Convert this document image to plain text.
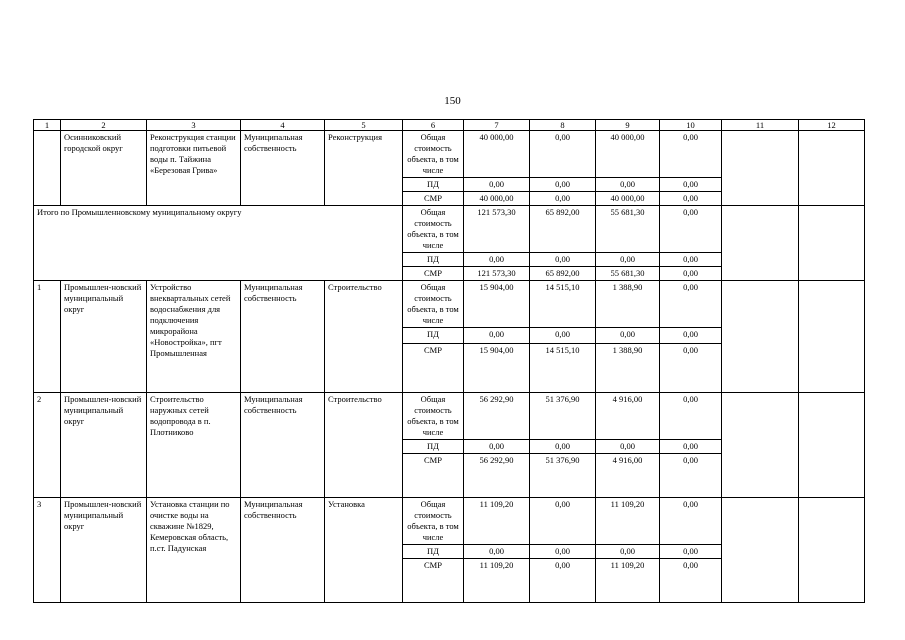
150
1	2	3	4	5	6	7	8	9	10	11	12
	Осинниковский городской округ	Реконструкция станции подготовки питьевой воды п. Тайжина «Березовая Грива»	Муниципальная собственность	Реконструкция	Общая стоимость объекта, в том числе	40 000,00	0,00	40 000,00	0,00		
					ПД	0,00	0,00	0,00	0,00		
					СМР	40 000,00	0,00	40 000,00	0,00		
Итого по Промышленновскому муниципальному округу					Общая стоимость объекта, в том числе	121 573,30	65 892,00	55 681,30	0,00		
					ПД	0,00	0,00	0,00	0,00		
					СМР	121 573,30	65 892,00	55 681,30	0,00		
1	Промышлен-новский муниципальный округ	Устройство внеквартальных сетей водоснабжения для подключения микрорайона «Новостройка», пгт Промышленная	Муниципальная собственность	Строительство	Общая стоимость объекта, в том числе	15 904,00	14 515,10	1 388,90	0,00		
					ПД	0,00	0,00	0,00	0,00		
					СМР	15 904,00	14 515,10	1 388,90	0,00		
2	Промышлен-новский муниципальный округ	Строительство наружных сетей водопровода в п. Плотниково	Муниципальная собственность	Строительство	Общая стоимость объекта, в том числе	56 292,90	51 376,90	4 916,00	0,00		
					ПД	0,00	0,00	0,00	0,00		
					СМР	56 292,90	51 376,90	4 916,00	0,00		
3	Промышлен-новский муниципальный округ	Установка станции по очистке воды на скважине №1829, Кемеровская область, п.ст. Падунская	Муниципальная собственность	Установка	Общая стоимость объекта, в том числе	11 109,20	0,00	11 109,20	0,00		
					ПД	0,00	0,00	0,00	0,00		
					СМР	11 109,20	0,00	11 109,20	0,00		
